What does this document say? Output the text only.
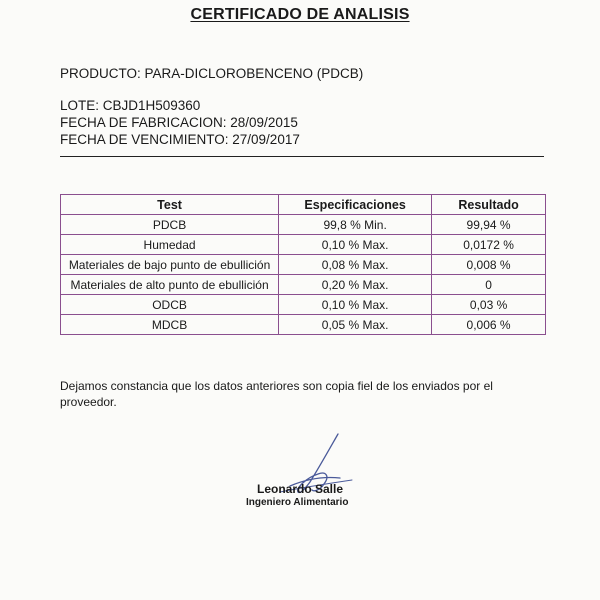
CERTIFICADO DE ANALISIS
PRODUCTO: PARA-DICLOROBENCENO (PDCB)
LOTE: CBJD1H509360
FECHA DE FABRICACION: 28/09/2015
FECHA DE VENCIMIENTO: 27/09/2017
Test	Especificaciones	Resultado
PDCB	99,8 % Min.	99,94 %
Humedad	0,10 % Max.	0,0172 %
Materiales de bajo punto de ebullición	0,08 % Max.	0,008 %
Materiales de alto punto de ebullición	0,20 % Max.	0
ODCB	0,10 % Max.	0,03 %
MDCB	0,05 % Max.	0,006 %
Dejamos constancia que los datos anteriores son copia fiel de los enviados por el proveedor.
Leonardo Salle
Ingeniero Alimentario
